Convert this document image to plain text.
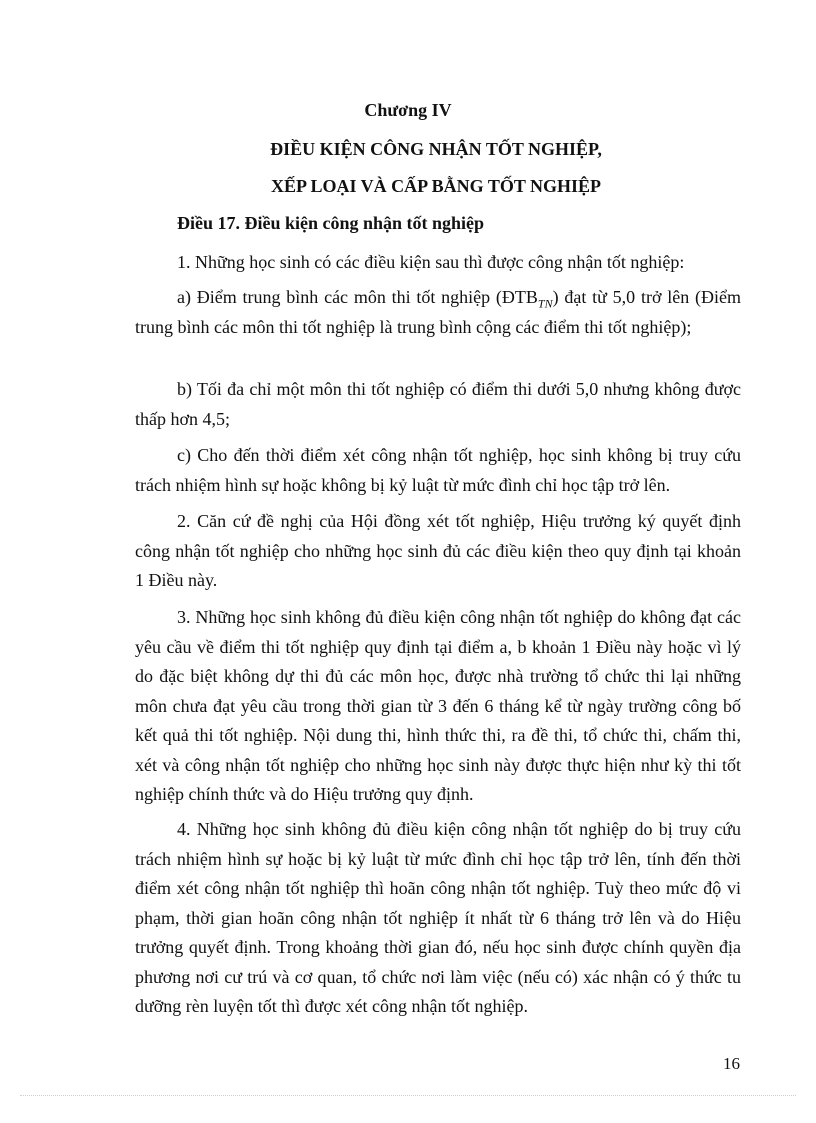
Chương IV

ĐIỀU KIỆN CÔNG NHẬN TỐT NGHIỆP,

XẾP LOẠI VÀ CẤP BẰNG TỐT NGHIỆP

Điều 17. Điều kiện công nhận tốt nghiệp

1. Những học sinh có các điều kiện sau thì được công nhận tốt nghiệp:

a) Điểm trung bình các môn thi tốt nghiệp $(ĐTB_{TN})$ đạt từ 5,0 trở lên (Điểm trung bình các môn thi tốt nghiệp là trung bình cộng các điểm thi tốt nghiệp);

b) Tối đa chỉ một môn thi tốt nghiệp có điểm thi dưới 5,0 nhưng không được thấp hơn 4,5;

c) Cho đến thời điểm xét công nhận tốt nghiệp, học sinh không bị truy cứu trách nhiệm hình sự hoặc không bị kỷ luật từ mức đình chỉ học tập trở lên.

2. Căn cứ đề nghị của Hội đồng xét tốt nghiệp, Hiệu trưởng ký quyết định công nhận tốt nghiệp cho những học sinh đủ các điều kiện theo quy định tại khoản 1 Điều này.

3. Những học sinh không đủ điều kiện công nhận tốt nghiệp do không đạt các yêu cầu về điểm thi tốt nghiệp quy định tại điểm a, b khoản 1 Điều này hoặc vì lý do đặc biệt không dự thi đủ các môn học, được nhà trường tổ chức thi lại những môn chưa đạt yêu cầu trong thời gian từ 3 đến 6 tháng kể từ ngày trường công bố kết quả thi tốt nghiệp. Nội dung thi, hình thức thi, ra đề thi, tổ chức thi, chấm thi, xét và công nhận tốt nghiệp cho những học sinh này được thực hiện như kỳ thi tốt nghiệp chính thức và do Hiệu trưởng quy định.

4. Những học sinh không đủ điều kiện công nhận tốt nghiệp do bị truy cứu trách nhiệm hình sự hoặc bị kỷ luật từ mức đình chỉ học tập trở lên, tính đến thời điểm xét công nhận tốt nghiệp thì hoãn công nhận tốt nghiệp. Tuỳ theo mức độ vi phạm, thời gian hoãn công nhận tốt nghiệp ít nhất từ 6 tháng trở lên và do Hiệu trưởng quyết định. Trong khoảng thời gian đó, nếu học sinh được chính quyền địa phương nơi cư trú và cơ quan, tổ chức nơi làm việc (nếu có) xác nhận có ý thức tu dưỡng rèn luyện tốt thì được xét công nhận tốt nghiệp.

16
